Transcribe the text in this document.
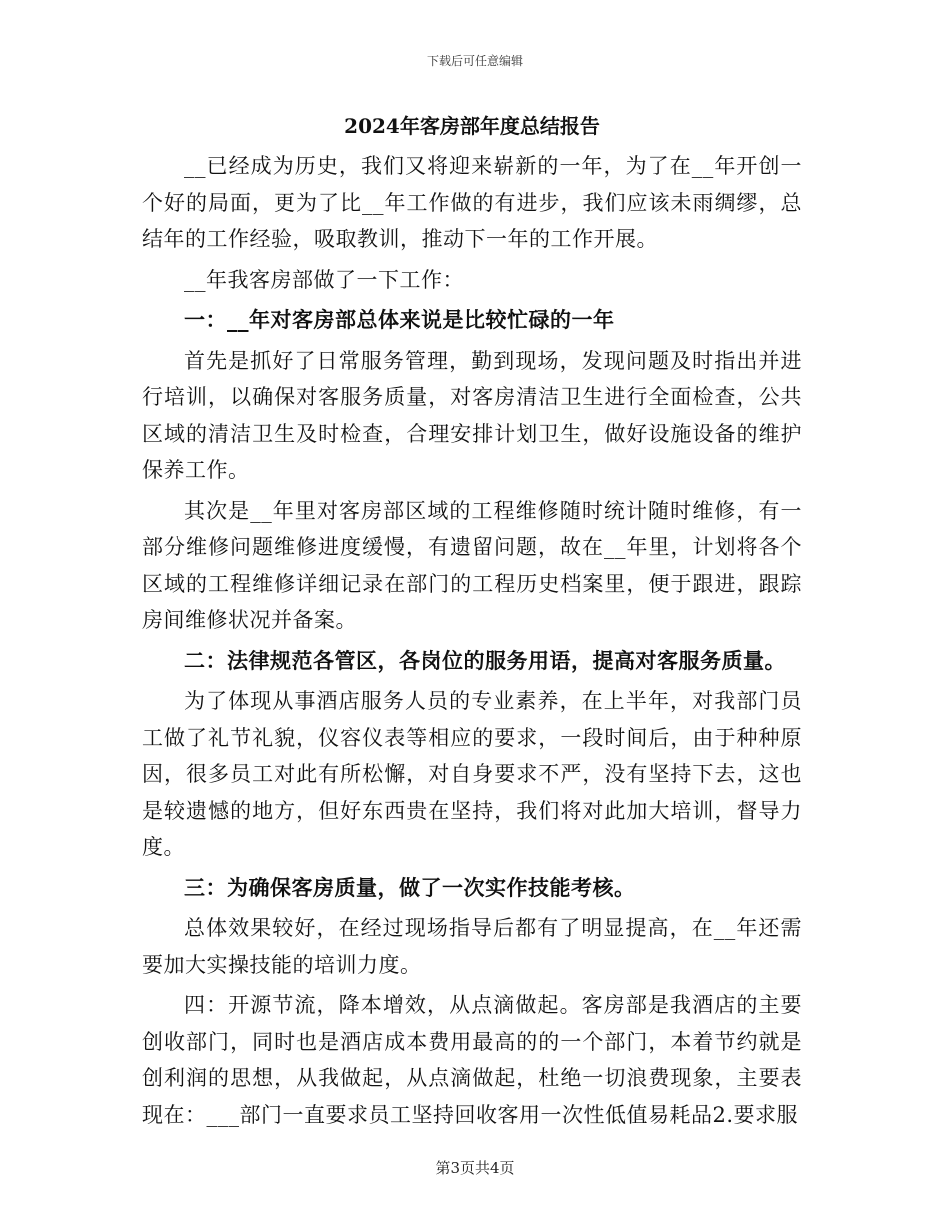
下载后可任意编辑
2024年客房部年度总结报告

__已经成为历史，我们又将迎来崭新的一年，为了在__年开创一个好的局面，更为了比__年工作做的有进步，我们应该未雨绸缪，总结年的工作经验，吸取教训，推动下一年的工作开展。

__年我客房部做了一下工作：

一：__年对客房部总体来说是比较忙碌的一年

首先是抓好了日常服务管理，勤到现场，发现问题及时指出并进行培训，以确保对客服务质量，对客房清洁卫生进行全面检查，公共区域的清洁卫生及时检查，合理安排计划卫生，做好设施设备的维护保养工作。

其次是__年里对客房部区域的工程维修随时统计随时维修，有一部分维修问题维修进度缓慢，有遗留问题，故在__年里，计划将各个区域的工程维修详细记录在部门的工程历史档案里，便于跟进，跟踪房间维修状况并备案。

二：法律规范各管区，各岗位的服务用语，提高对客服务质量。

为了体现从事酒店服务人员的专业素养，在上半年，对我部门员工做了礼节礼貌，仪容仪表等相应的要求，一段时间后，由于种种原因，很多员工对此有所松懈，对自身要求不严，没有坚持下去，这也是较遗憾的地方，但好东西贵在坚持，我们将对此加大培训，督导力度。

三：为确保客房质量，做了一次实作技能考核。

总体效果较好，在经过现场指导后都有了明显提高，在__年还需要加大实操技能的培训力度。

四：开源节流，降本增效，从点滴做起。客房部是我酒店的主要创收部门，同时也是酒店成本费用最高的的一个部门，本着节约就是创利润的思想，从我做起，从点滴做起，杜绝一切浪费现象，主要表现在：___部门一直要求员工坚持回收客用一次性低值易耗品2.要求服

第3页共4页
